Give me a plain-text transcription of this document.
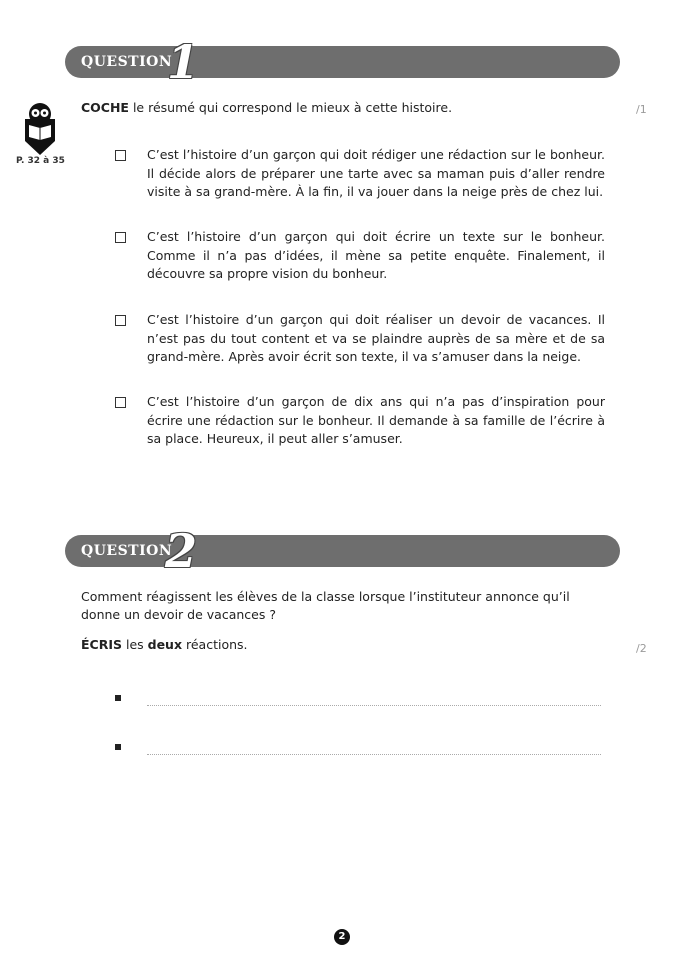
QUESTION
1
P. 32 à 35
COCHE le résumé qui correspond le mieux à cette histoire.	/1
C’est l’histoire d’un garçon qui doit rédiger une rédaction sur le bonheur. Il décide alors de préparer une tarte avec sa maman puis d’aller rendre visite à sa grand-mère. À la fin, il va jouer dans la neige près de chez lui.
C’est l’histoire d’un garçon qui doit écrire un texte sur le bonheur. Comme il n’a pas d’idées, il mène sa petite enquête. Finalement, il découvre sa propre vision du bonheur.
C’est l’histoire d’un garçon qui doit réaliser un devoir de vacances. Il n’est pas du tout content et va se plaindre auprès de sa mère et de sa grand-mère. Après avoir écrit son texte, il va s’amuser dans la neige.
C’est l’histoire d’un garçon de dix ans qui n’a pas d’inspiration pour écrire une rédaction sur le bonheur. Il demande à sa famille de l’écrire à sa place. Heureux, il peut aller s’amuser.
QUESTION
2
Comment réagissent les élèves de la classe lorsque l’instituteur annonce qu’il donne un devoir de vacances ?
ÉCRIS les deux réactions.	/2
2
